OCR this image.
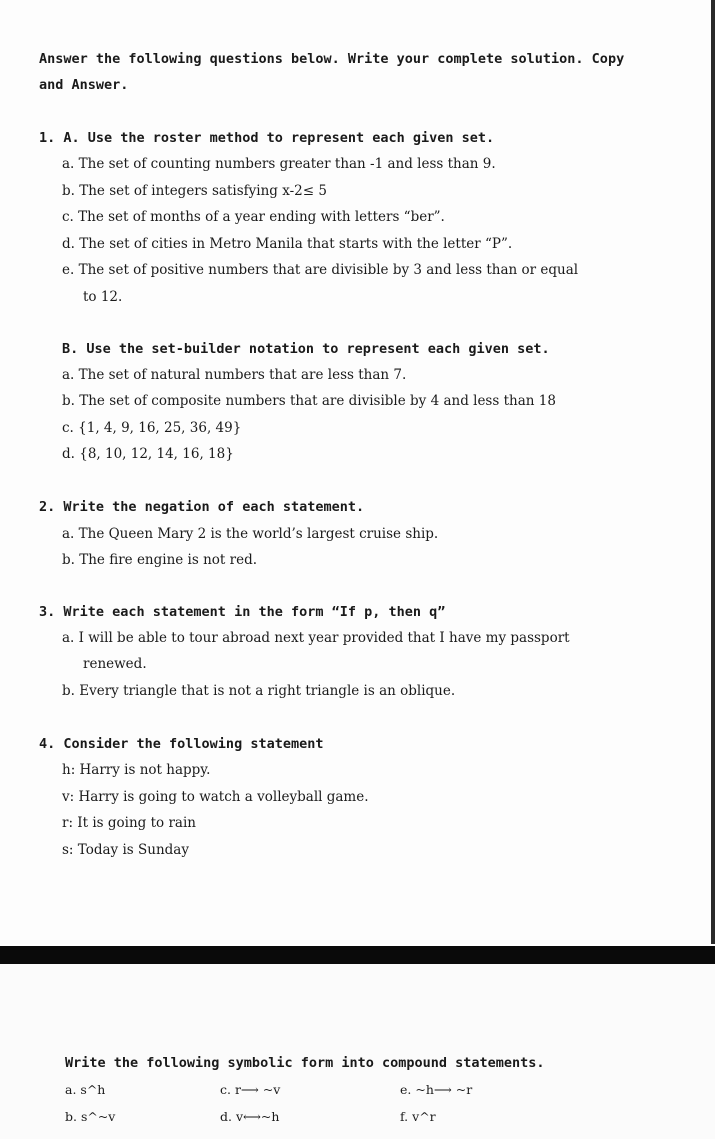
Answer the following questions below. Write your complete solution. Copy
and Answer.
1. A. Use the roster method to represent each given set.
a. The set of counting numbers greater than -1 and less than 9.
b. The set of integers satisfying x-2≤ 5
c. The set of months of a year ending with letters “ber”.
d. The set of cities in Metro Manila that starts with the letter “P”.
e. The set of positive numbers that are divisible by 3 and less than or equal
to 12.
B. Use the set-builder notation to represent each given set.
a. The set of natural numbers that are less than 7.
b. The set of composite numbers that are divisible by 4 and less than 18
c. {1, 4, 9, 16, 25, 36, 49}
d. {8, 10, 12, 14, 16, 18}
2. Write the negation of each statement.
a. The Queen Mary 2 is the world’s largest cruise ship.
b. The fire engine is not red.
3. Write each statement in the form “If p, then q”
a. I will be able to tour abroad next year provided that I have my passport
renewed.
b. Every triangle that is not a right triangle is an oblique.
4. Consider the following statement
h: Harry is not happy.
v: Harry is going to watch a volleyball game.
r: It is going to rain
s: Today is Sunday
Write the following symbolic form into compound statements.
a. s^h	c. r⟶ ~v	e. ~h⟶ ~r
b. s^~v	d. v⟷~h	f. v^r
